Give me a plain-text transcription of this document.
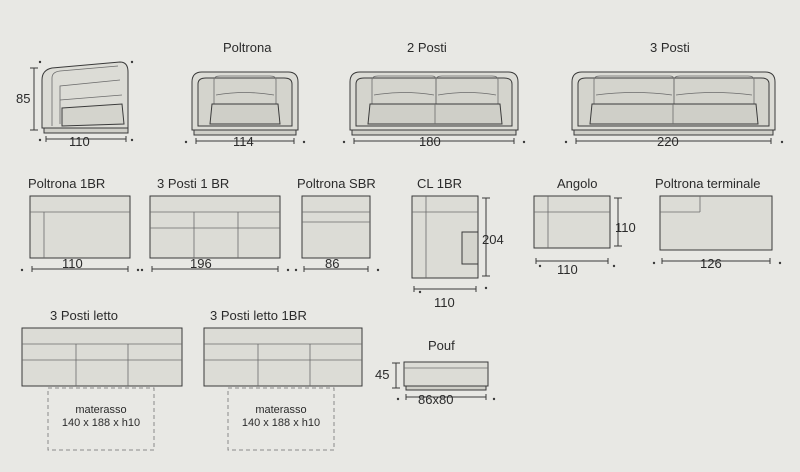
85
110
Poltrona
114
2 Posti
180
3 Posti
220
Poltrona 1BR
110
3 Posti 1 BR
196
Poltrona SBR
86
CL 1BR
204
110
Angolo
110
110
Poltrona terminale
126
3 Posti letto
materasso
140 x 188 x h10
3 Posti letto 1BR
materasso
140 x 188 x h10
Pouf
45
86x80
